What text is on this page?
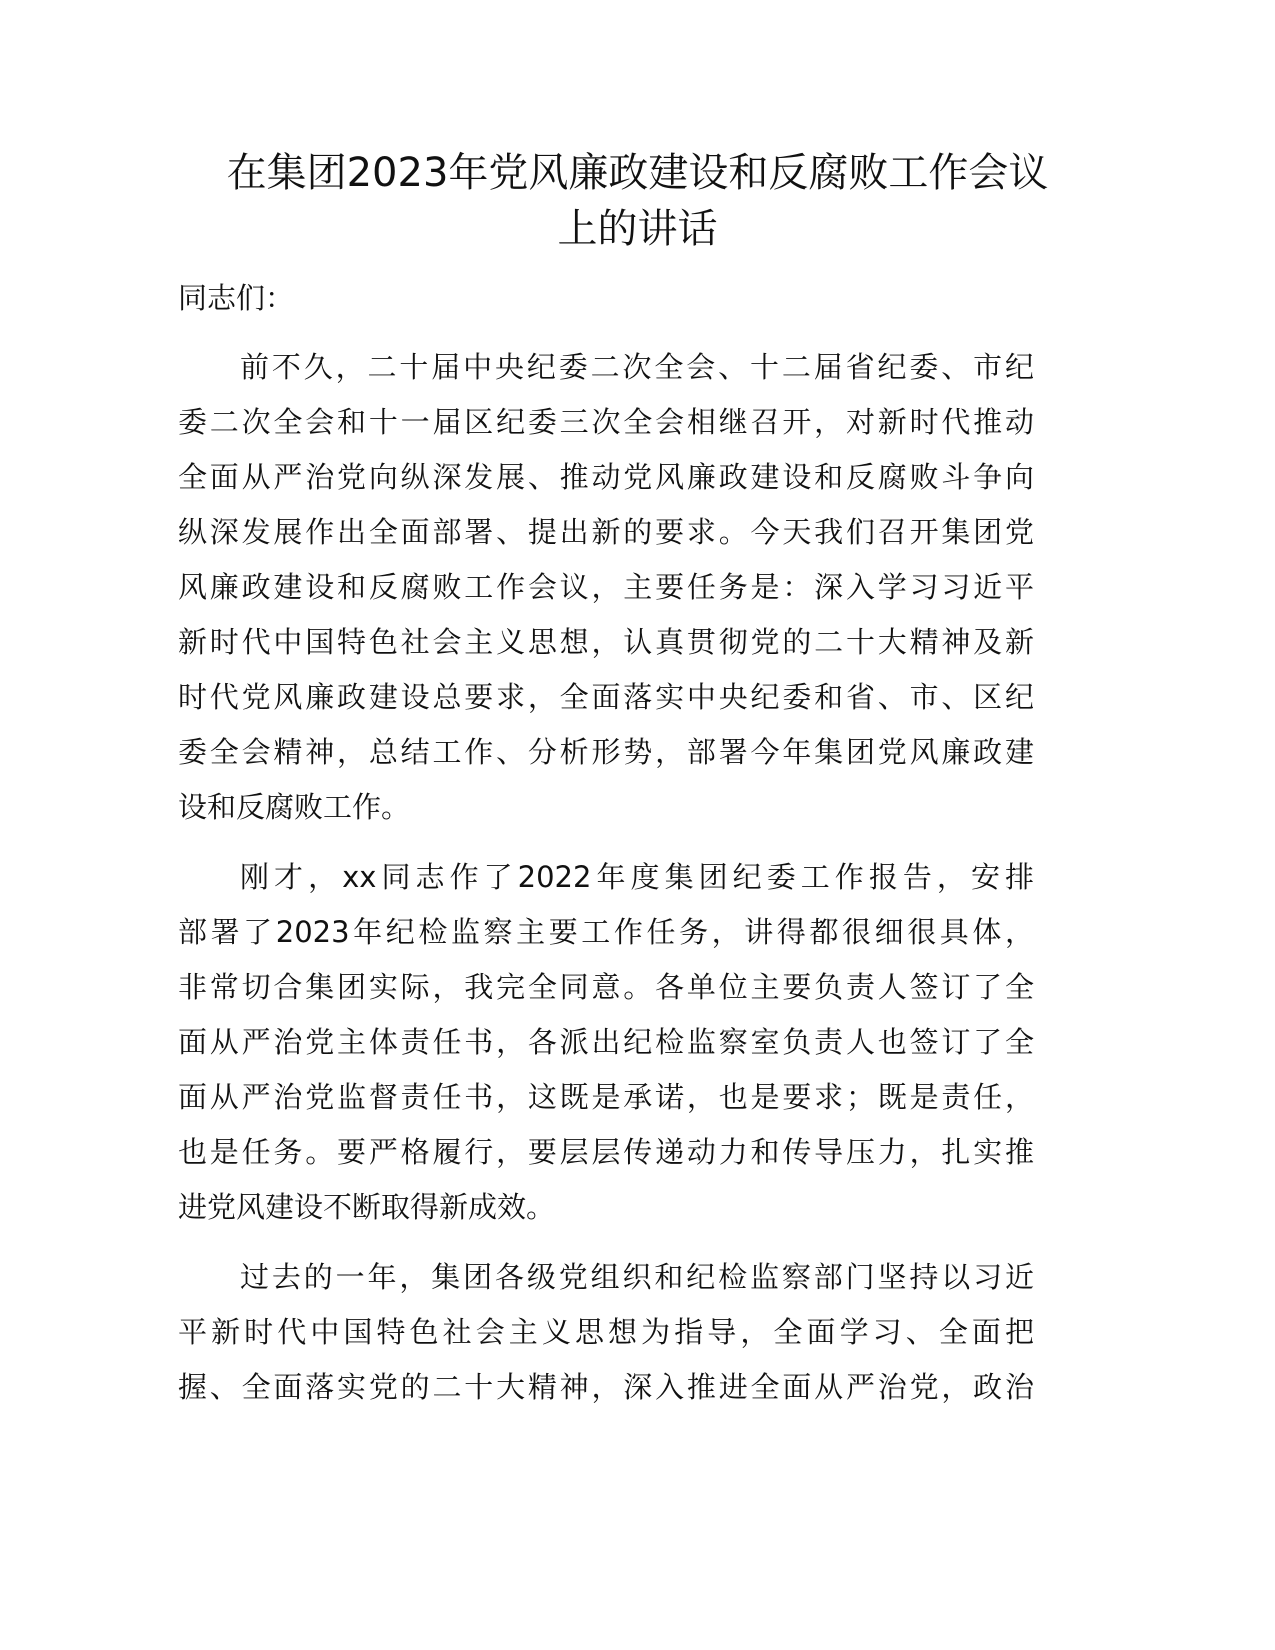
在集团2023年党风廉政建设和反腐败工作会议
上的讲话
同志们：
前不久，二十届中央纪委二次全会、十二届省纪委、市纪
委二次全会和十一届区纪委三次全会相继召开，对新时代推动
全面从严治党向纵深发展、推动党风廉政建设和反腐败斗争向
纵深发展作出全面部署、提出新的要求。今天我们召开集团党
风廉政建设和反腐败工作会议，主要任务是：深入学习习近平
新时代中国特色社会主义思想，认真贯彻党的二十大精神及新
时代党风廉政建设总要求，全面落实中央纪委和省、市、区纪
委全会精神，总结工作、分析形势，部署今年集团党风廉政建
设和反腐败工作。
刚才，xx同志作了2022年度集团纪委工作报告，安排
部署了2023年纪检监察主要工作任务，讲得都很细很具体，
非常切合集团实际，我完全同意。各单位主要负责人签订了全
面从严治党主体责任书，各派出纪检监察室负责人也签订了全
面从严治党监督责任书，这既是承诺，也是要求；既是责任，
也是任务。要严格履行，要层层传递动力和传导压力，扎实推
进党风建设不断取得新成效。
过去的一年，集团各级党组织和纪检监察部门坚持以习近
平新时代中国特色社会主义思想为指导，全面学习、全面把
握、全面落实党的二十大精神，深入推进全面从严治党，政治
